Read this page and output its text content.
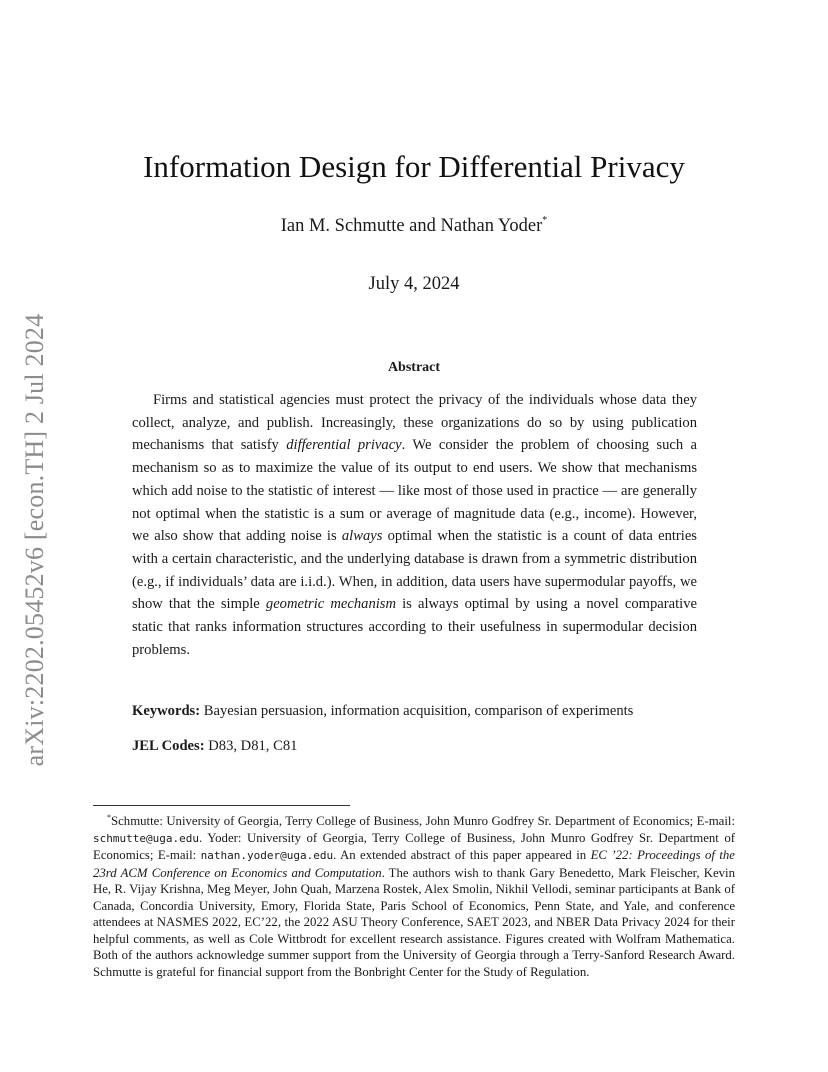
arXiv:2202.05452v6 [econ.TH] 2 Jul 2024
Information Design for Differential Privacy
Ian M. Schmutte and Nathan Yoder*
July 4, 2024
Abstract
Firms and statistical agencies must protect the privacy of the individuals whose data they collect, analyze, and publish. Increasingly, these organizations do so by using publication mechanisms that satisfy differential privacy. We consider the problem of choosing such a mechanism so as to maximize the value of its output to end users. We show that mechanisms which add noise to the statistic of interest — like most of those used in practice — are generally not optimal when the statistic is a sum or average of magnitude data (e.g., income). However, we also show that adding noise is always optimal when the statistic is a count of data entries with a certain characteristic, and the underlying database is drawn from a symmetric distribution (e.g., if individuals’ data are i.i.d.). When, in addition, data users have supermodular payoffs, we show that the simple geometric mechanism is always optimal by using a novel comparative static that ranks information structures according to their usefulness in supermodular decision problems.
Keywords: Bayesian persuasion, information acquisition, comparison of experiments
JEL Codes: D83, D81, C81
*Schmutte: University of Georgia, Terry College of Business, John Munro Godfrey Sr. Department of Economics; E-mail: schmutte@uga.edu. Yoder: University of Georgia, Terry College of Business, John Munro Godfrey Sr. Department of Economics; E-mail: nathan.yoder@uga.edu. An extended abstract of this paper appeared in EC ’22: Proceedings of the 23rd ACM Conference on Economics and Computation. The authors wish to thank Gary Benedetto, Mark Fleischer, Kevin He, R. Vijay Krishna, Meg Meyer, John Quah, Marzena Rostek, Alex Smolin, Nikhil Vellodi, seminar participants at Bank of Canada, Concordia University, Emory, Florida State, Paris School of Economics, Penn State, and Yale, and conference attendees at NASMES 2022, EC’22, the 2022 ASU Theory Conference, SAET 2023, and NBER Data Privacy 2024 for their helpful comments, as well as Cole Wittbrodt for excellent research assistance. Figures created with Wolfram Mathematica. Both of the authors acknowledge summer support from the University of Georgia through a Terry-Sanford Research Award. Schmutte is grateful for financial support from the Bonbright Center for the Study of Regulation.
